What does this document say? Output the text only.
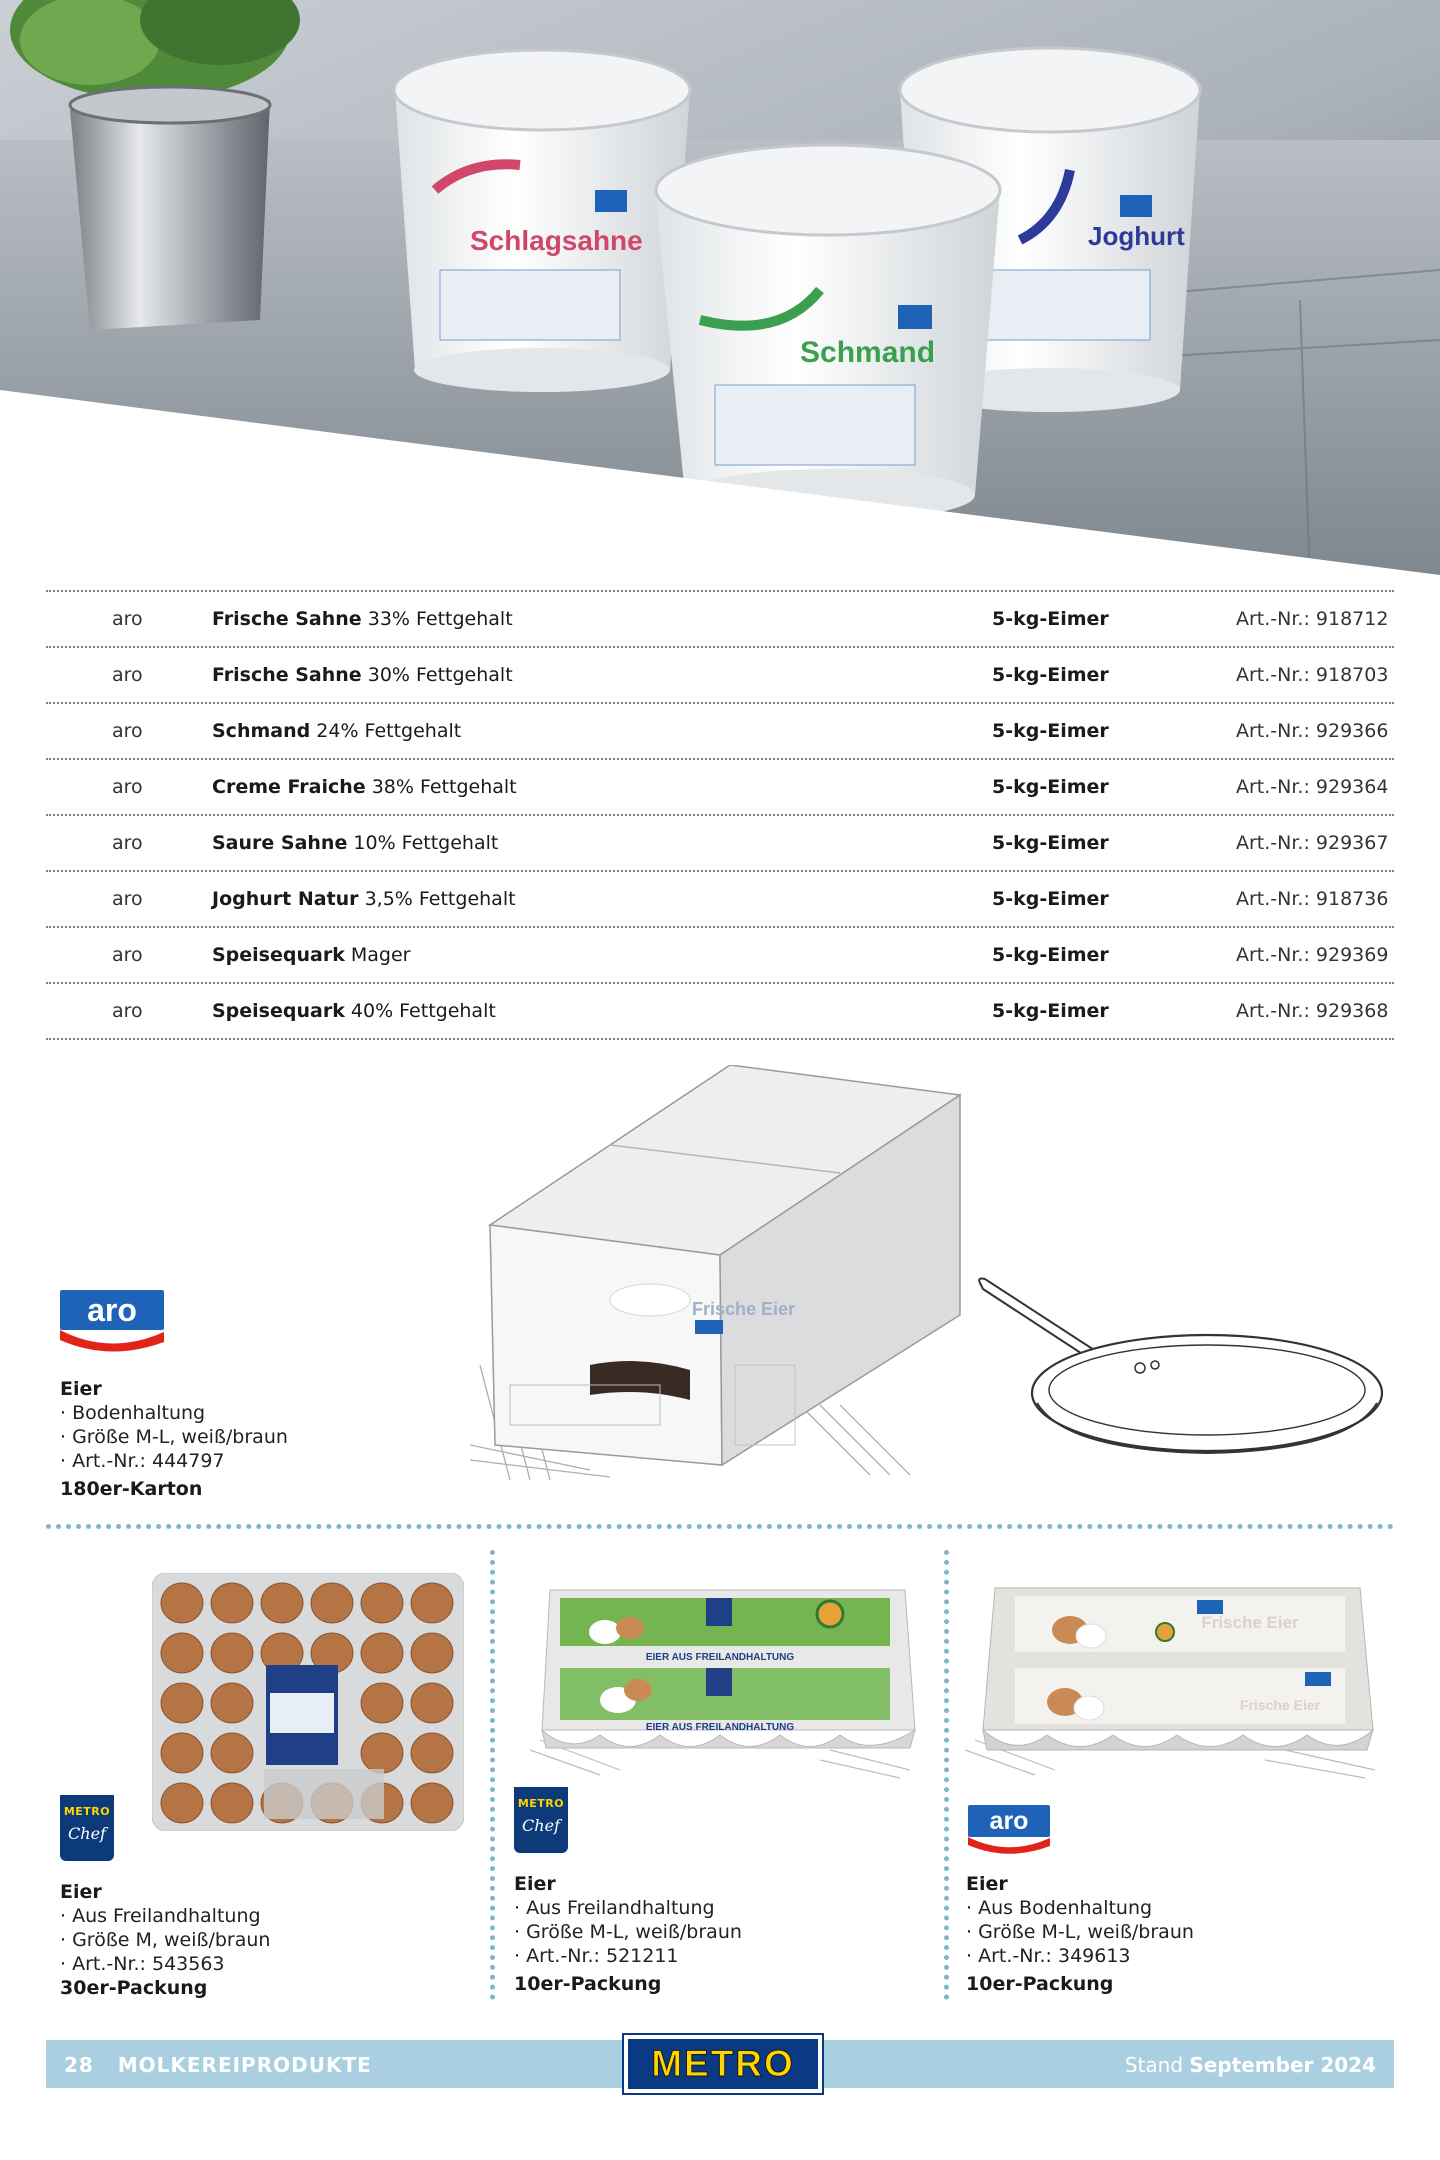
Schlagsahne	Joghurt
Schmand
aro	Frische Sahne 33% Fettgehalt	5-kg-Eimer	Art.-Nr.: 918712
aro	Frische Sahne 30% Fettgehalt	5-kg-Eimer	Art.-Nr.: 918703
aro	Schmand 24% Fettgehalt	5-kg-Eimer	Art.-Nr.: 929366
aro	Creme Fraiche 38% Fettgehalt	5-kg-Eimer	Art.-Nr.: 929364
aro	Saure Sahne 10% Fettgehalt	5-kg-Eimer	Art.-Nr.: 929367
aro	Joghurt Natur 3,5% Fettgehalt	5-kg-Eimer	Art.-Nr.: 918736
aro	Speisequark Mager	5-kg-Eimer	Art.-Nr.: 929369
aro	Speisequark 40% Fettgehalt	5-kg-Eimer	Art.-Nr.: 929368
Frische Eier
aro
Eier
· Bodenhaltung
· Größe M-L, weiß/braun
· Art.-Nr.: 444797
180er-Karton
METRO
Chef
Eier
· Aus Freilandhaltung
· Größe M, weiß/braun
· Art.-Nr.: 543563
30er-Packung
EIER AUS FREILANDHALTUNG
EIER AUS FREILANDHALTUNG
METRO
Chef
Eier
· Aus Freilandhaltung
· Größe M-L, weiß/braun
· Art.-Nr.: 521211
10er-Packung
Frische Eier
Frische Eier
aro
Eier
· Aus Bodenhaltung
· Größe M-L, weiß/braun
· Art.-Nr.: 349613
10er-Packung
28 MOLKEREIPRODUKTE	METRO	Stand September 2024
